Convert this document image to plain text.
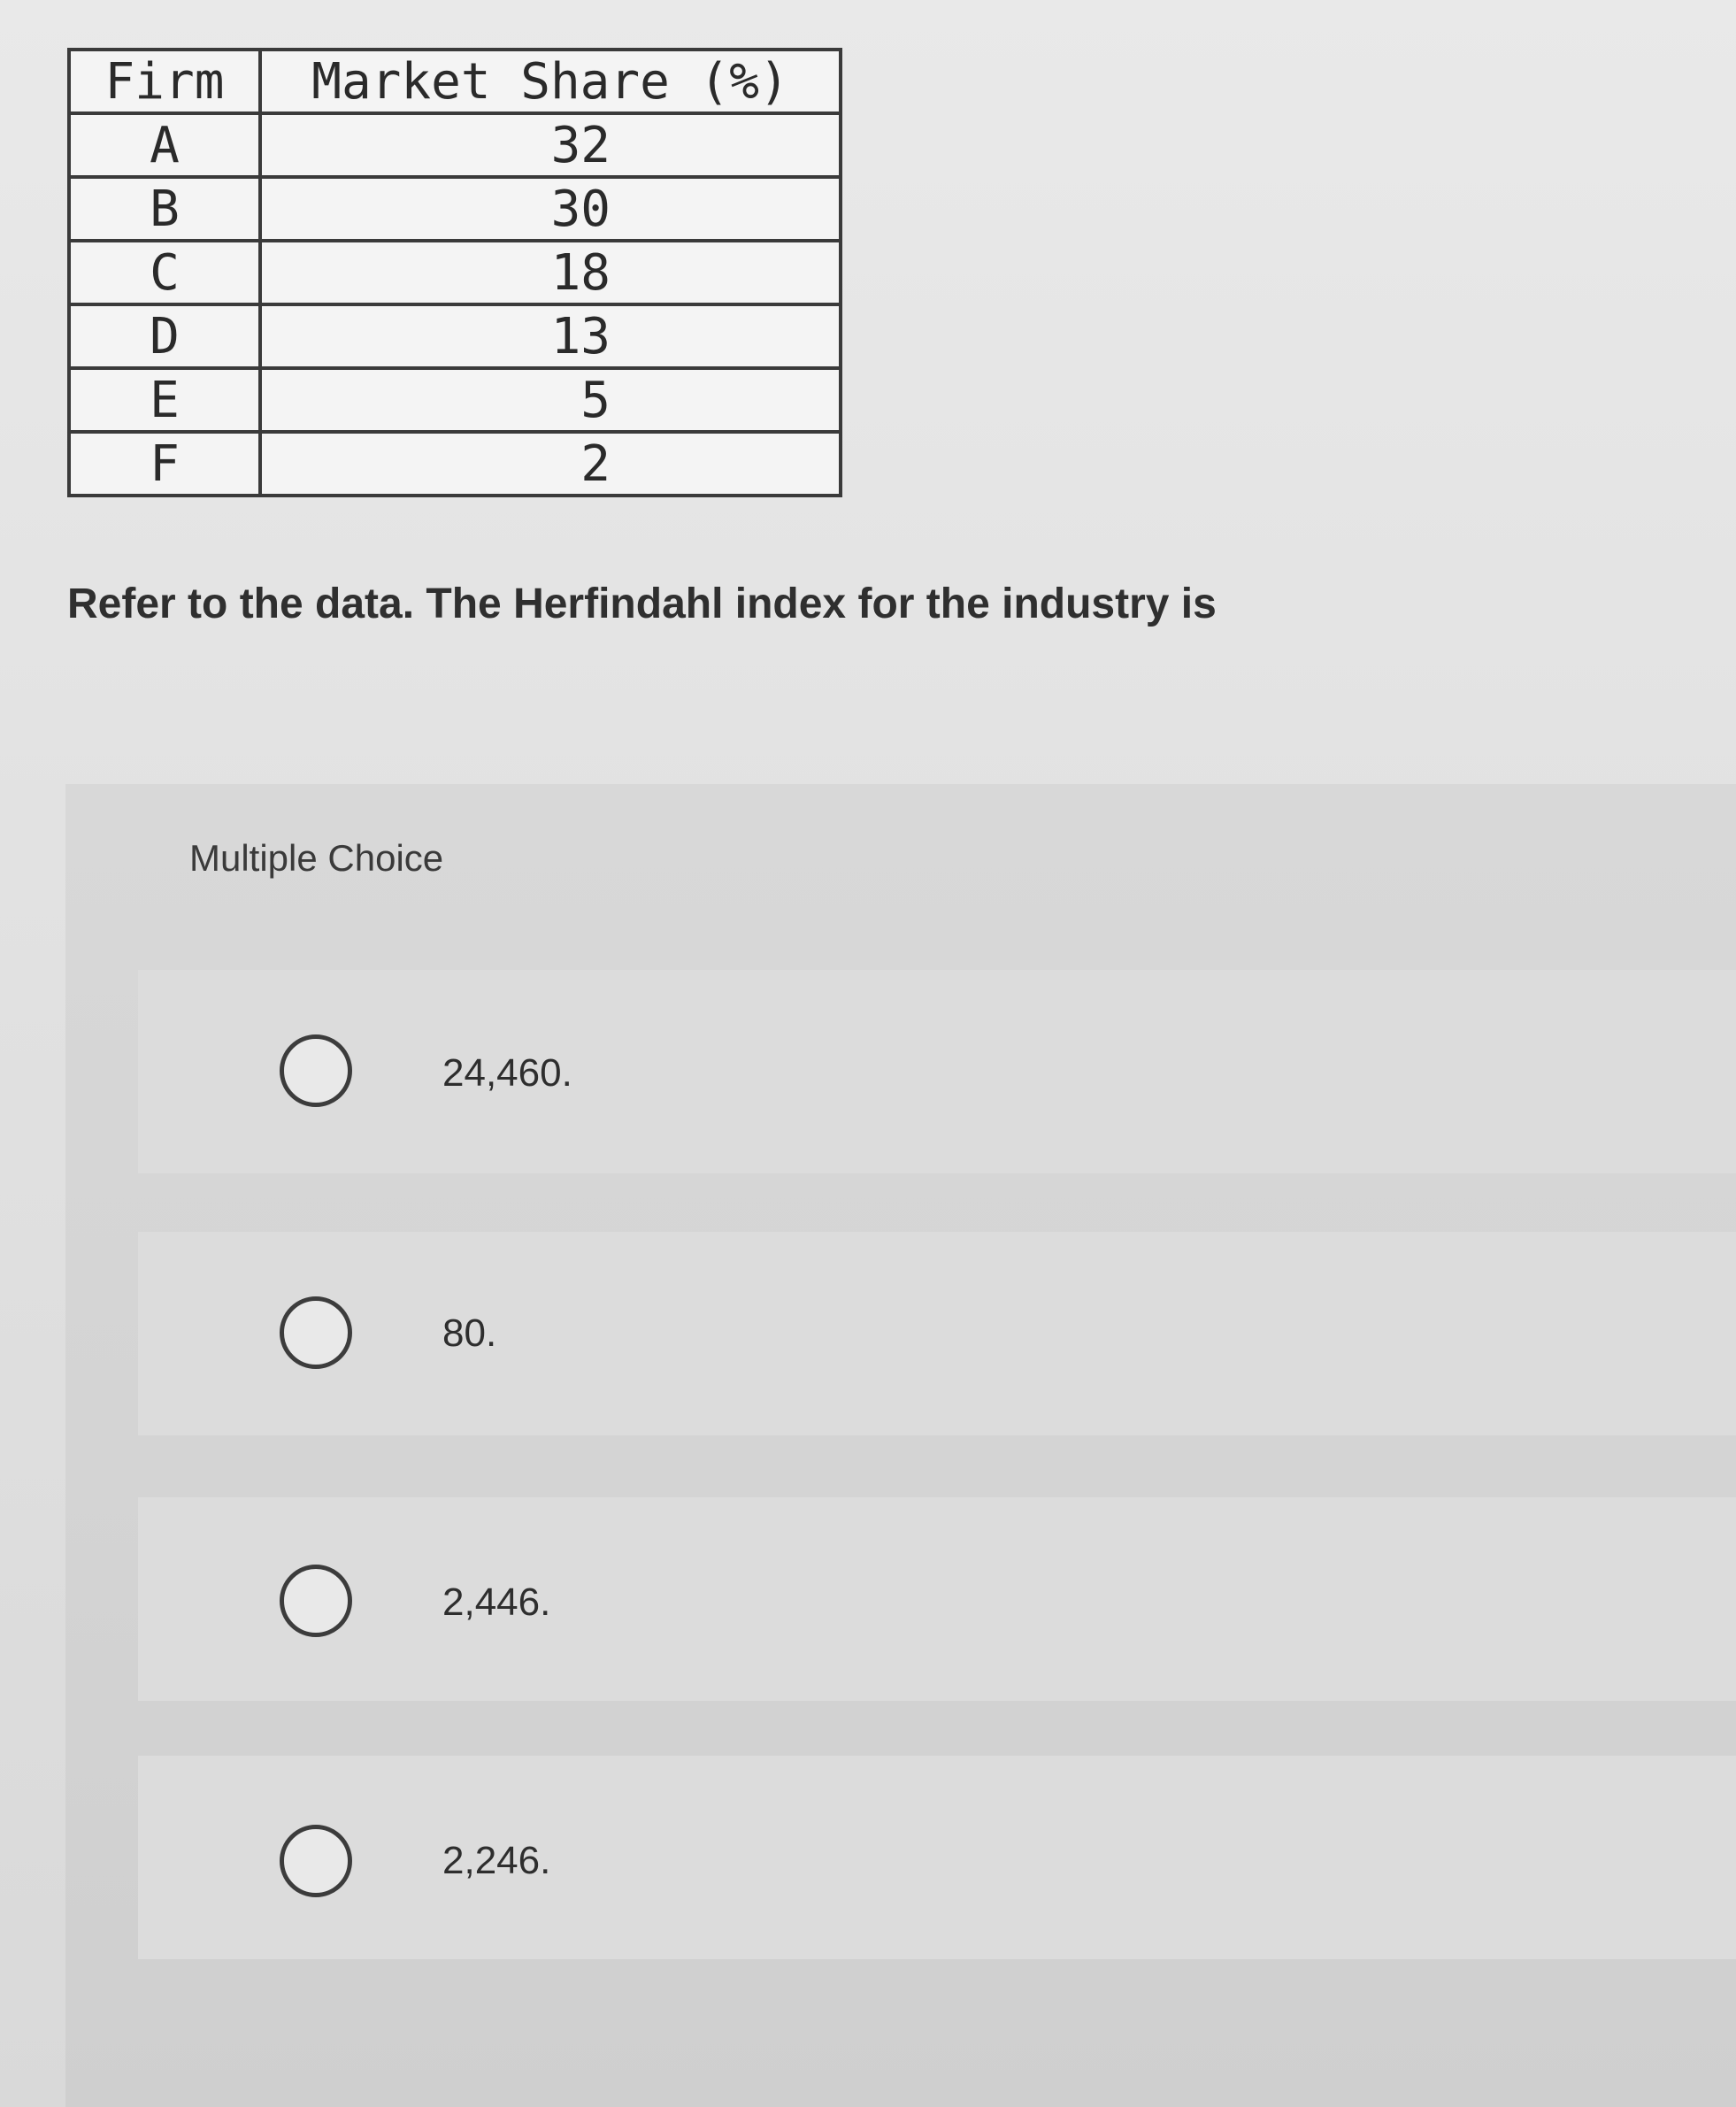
Firm	Market Share (%)
A	32
B	30
C	18
D	13
E	5
F	2
Refer to the data. The Herfindahl index for the industry is
Multiple Choice
24,460.
80.
2,446.
2,246.
